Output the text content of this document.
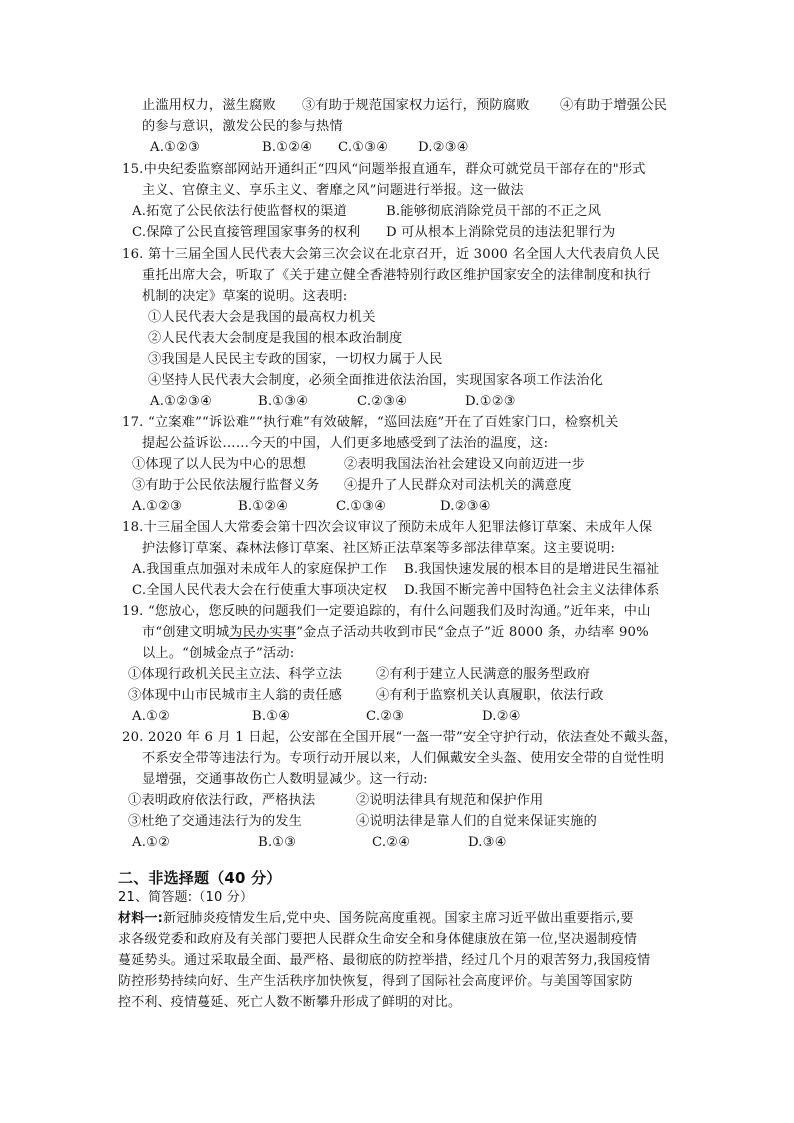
止滥用权力，滋生腐败 ③有助于规范国家权力运行，预防腐败 ④有助于增强公民
的参与意识，激发公民的参与热情
A.①②③	B.①②④ C.①③④ D.②③④
15.中央纪委监察部网站开通纠正“四风“问题举报直通车，群众可就党员干部存在的"形式
主义、官僚主义、享乐主义、奢靡之风”问题进行举报。这一做法
A.拓宽了公民依法行使监督权的渠道	B.能够彻底消除党员干部的不正之风
C.保障了公民直接管理国家事务的权利 D 可从根本上消除党员的违法犯罪行为
16. 第十三届全国人民代表大会第三次会议在北京召开，近 3000 名全国人大代表肩负人民
重托出席大会，听取了《关于建立健全香港特别行政区维护国家安全的法律制度和执行
机制的决定》草案的说明。这表明:
①人民代表大会是我国的最高权力机关
②人民代表大会制度是我国的根本政治制度
③我国是人民民主专政的国家，一切权力属于人民
④坚持人民代表大会制度，必须全面推进依法治国，实现国家各项工作法治化
A.①②③④	B.①③④	C.②③④	D.①②③
17. “立案难”“诉讼难”“执行难”有效破解，“巡回法庭”开在了百姓家门口，检察机关
提起公益诉讼……今天的中国，人们更多地感受到了法治的温度，这:
①体现了以人民为中心的思想	②表明我国法治社会建设又向前迈进一步
③有助于公民依法履行监督义务 ④提升了人民群众对司法机关的满意度
A.①②③	B.①②④	C.①③④	D.②③④
18.十三届全国人大常委会第十四次会议审议了预防未成年人犯罪法修订草案、未成年人保
护法修订草案、森林法修订草案、社区矫正法草案等多部法律草案。这主要说明:
A.我国重点加强对未成年人的家庭保护工作 B.我国快速发展的根本目的是增进民生福祉
C.全国人民代表大会在行使重大事项决定权 D.我国不断完善中国特色社会主义法律体系
19. “您放心，您反映的问题我们一定要追踪的，有什么问题我们及时沟通。”近年来，中山
市“创建文明城为民办实事”金点子活动共收到市民“金点子”近 8000 条，办结率 90%
以上。“创城金点子”活动:
①体现行政机关民主立法、科学立法	②有利于建立人民满意的服务型政府
③体现中山市民城市主人翁的责任感	④有利于监察机关认真履职，依法行政
A.①②	B.①④	C.②③	D.②④
20. 2020 年 6 月 1 日起，公安部在全国开展“一盔一带”安全守护行动，依法查处不戴头盔，
不系安全带等违法行为。专项行动开展以来，人们佩戴安全头盔、使用安全带的自觉性明
显增强，交通事故伤亡人数明显减少。这一行动:
①表明政府依法行政，严格执法	②说明法律具有规范和保护作用
③杜绝了交通违法行为的发生	④说明法律是靠人们的自觉来保证实施的
A.①②	B.①③	C.②④	D.③④
二、非选择题（40 分）
21、简答题:（10 分）
材料一:新冠肺炎疫情发生后,党中央、国务院高度重视。国家主席习近平做出重要指示,要
求各级党委和政府及有关部门要把人民群众生命安全和身体健康放在第一位,坚决遏制疫情
蔓延势头。通过采取最全面、最严格、最彻底的防控举措，经过几个月的艰苦努力,我国疫情
防控形势持续向好、生产生活秩序加快恢复，得到了国际社会高度评价。与美国等国家防
控不利、疫情蔓延、死亡人数不断攀升形成了鲜明的对比。
